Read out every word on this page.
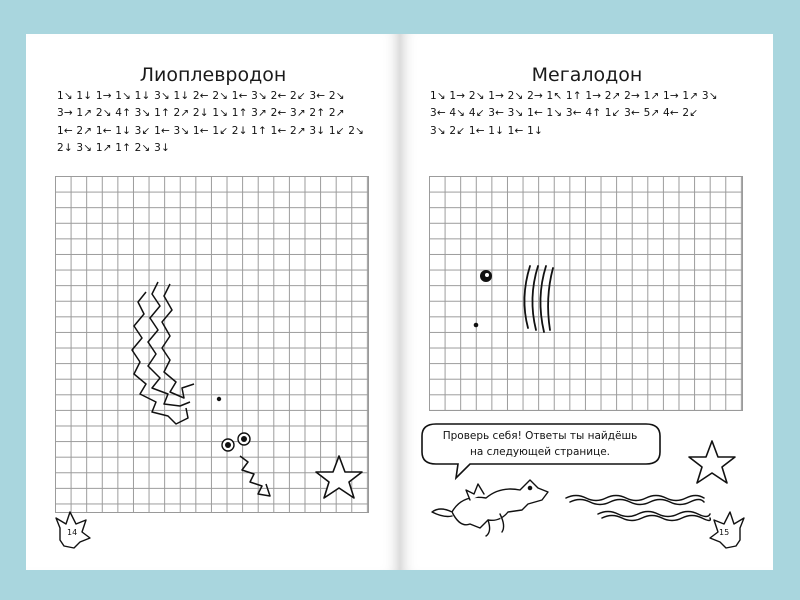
Лиоплевродон	Мегалодон
1↘ 1↓ 1→ 1↘ 1↓ 3↘ 1↓ 2← 2↘ 1← 3↘ 2← 2↙ 3← 2↘
3→ 1↗ 2↘ 4↑ 3↘ 1↑ 2↗ 2↓ 1↘ 1↑ 3↗ 2← 3↗ 2↑ 2↗
1← 2↗ 1← 1↓ 3↙ 1← 3↘ 1← 1↙ 2↓ 1↑ 1← 2↗ 3↓ 1↙ 2↘
2↓ 3↘ 1↗ 1↑ 2↘ 3↓
1↘ 1→ 2↘ 1→ 2↘ 2→ 1↖ 1↑ 1→ 2↗ 2→ 1↗ 1→ 1↗ 3↘
3← 4↘ 4↙ 3← 3↘ 1← 1↘ 3← 4↑ 1↙ 3← 5↗ 4← 2↙
3↘ 2↙ 1← 1↓ 1← 1↓
Проверь себя! Ответы ты найдёшь
на следующей странице.
14	15
